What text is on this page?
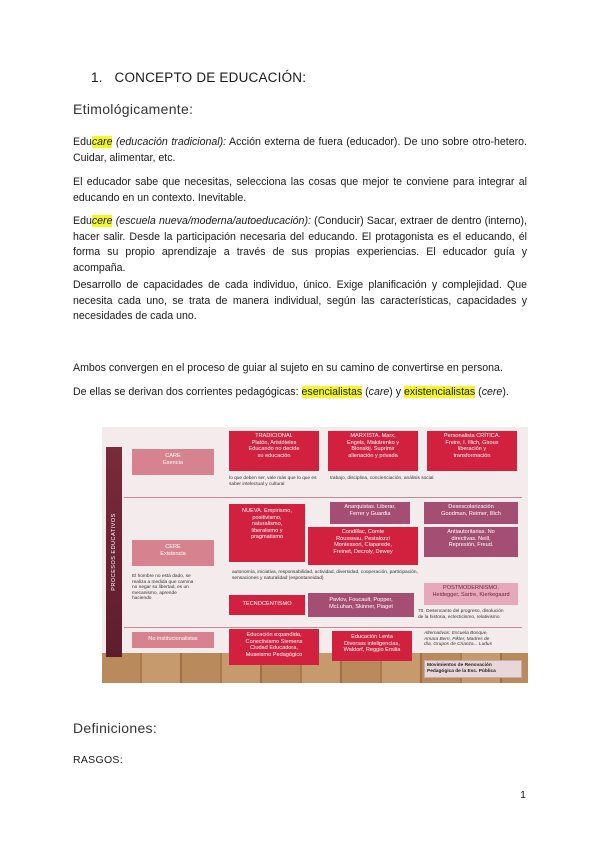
1.   CONCEPTO DE EDUCACIÓN:
Etimológicamente:
Educare (educación tradicional): Acción externa de fuera (educador). De uno sobre otro-hetero. Cuidar, alimentar, etc.
El educador sabe que necesitas, selecciona las cosas que mejor te conviene para integrar al educando en un contexto. Inevitable.
Educere (escuela nueva/moderna/autoeducación): (Conducir) Sacar, extraer de dentro (interno), hacer salir. Desde la participación necesaria del educando. El protagonista es el educando, él forma su propio aprendizaje a través de sus propias experiencias. El educador guía y acompaña.
Desarrollo de capacidades de cada individuo, único. Exige planificación y complejidad. Que necesita cada uno, se trata de manera individual, según las características, capacidades y necesidades de cada uno.
Ambos convergen en el proceso de guiar al sujeto en su camino de convertirse en persona.
De ellas se derivan dos corrientes pedagógicas: esencialistas (care) y existencialistas (cere).
PROCESOS EDUCATIVOS
CARE
Esencia
CERE
Existencia
No institucionalistas
TRADICIONAL
Platón, Aristóteles
Educando no decide
su educación
MARXISTA. Marx,
Engels, Makárenko y
Blonskij. Suprimir
alienación y privada
Personalista CRÍTICA.
Freire, I. Illich, Giroux
liberación y
transformación
lo que deben ser, vale más que lo que es
saber intelectual y cultural
trabajo, disciplina, concienciación, análisis social
NUEVA. Empirismo,
positivismo,
naturalismo,
liberalismo y
pragmatismo
Anarquistas. Liberar,
Ferrer y Guardia
Condillac, Comte
Rousseau, Pestalozzi
Montessori, Claparede,
Freinet, Decroly, Dewey
Desescolarización
Goodman, Reimer, Illich
Antiautoritarias. No
directivas. Neill,
Represión, Freud.
El hombre no está dado, se
realiza a medida que camina
no negar su libertad, es un
mecanismo, aprende
haciendo
autonomía, iniciativa, responsabilidad, actividad, diversidad, cooperación, participación,
sensaciones y naturalidad (espontaneidad)
TECNOCENTISMO
Pavlov, Foucault, Popper,
McLuhan, Skinner, Piaget
POSTMODERNISMO.
Heidegger, Sartre, Kierkegaard
70. Desencanto del progreso, disolución
de la historia, eclecticismo, relativismo
Educación expandida,
Conectivismo Siemens
Ciudad Educadora,
Museismo Pedagógico
Educación Lenta
Diversas inteligencias,
Waldorf, Reggio Emilia
Alternativas: Escuela Bosque,
Amara Berri, Pikler, Madres de
día, Grupos de Crianza... Ludus
Movimientos de Renovación
Pedagógica de la Esc. Pública
Definiciones:
RASGOS:
1
